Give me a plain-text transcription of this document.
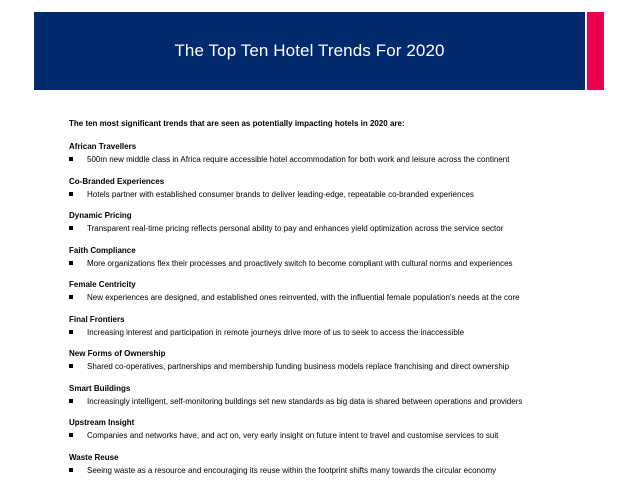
The Top Ten Hotel Trends For 2020
The ten most significant trends that are seen as potentially impacting hotels in 2020 are:
African Travellers
500m new middle class in Africa require accessible hotel accommodation for both work and leisure across the continent
Co-Branded Experiences
Hotels partner with established consumer brands to deliver leading-edge, repeatable co-branded experiences
Dynamic Pricing
Transparent real-time pricing reflects personal ability to pay and enhances yield optimization across the service sector
Faith Compliance
More organizations flex their processes and proactively switch to become compliant with cultural norms and experiences
Female Centricity
New experiences are designed, and established ones reinvented, with the influential female population’s needs at the core
Final Frontiers
Increasing interest and participation in remote journeys drive more of us to seek to access the inaccessible
New Forms of Ownership
Shared co-operatives, partnerships and membership funding business models replace franchising and direct ownership
Smart Buildings
Increasingly intelligent, self-monitoring buildings set new standards as big data is shared between operations and providers
Upstream Insight
Companies and networks have, and act on, very early insight on future intent to travel and customise services to suit
Waste Reuse
Seeing waste as a resource and encouraging its reuse within the footprint shifts many towards the circular economy
